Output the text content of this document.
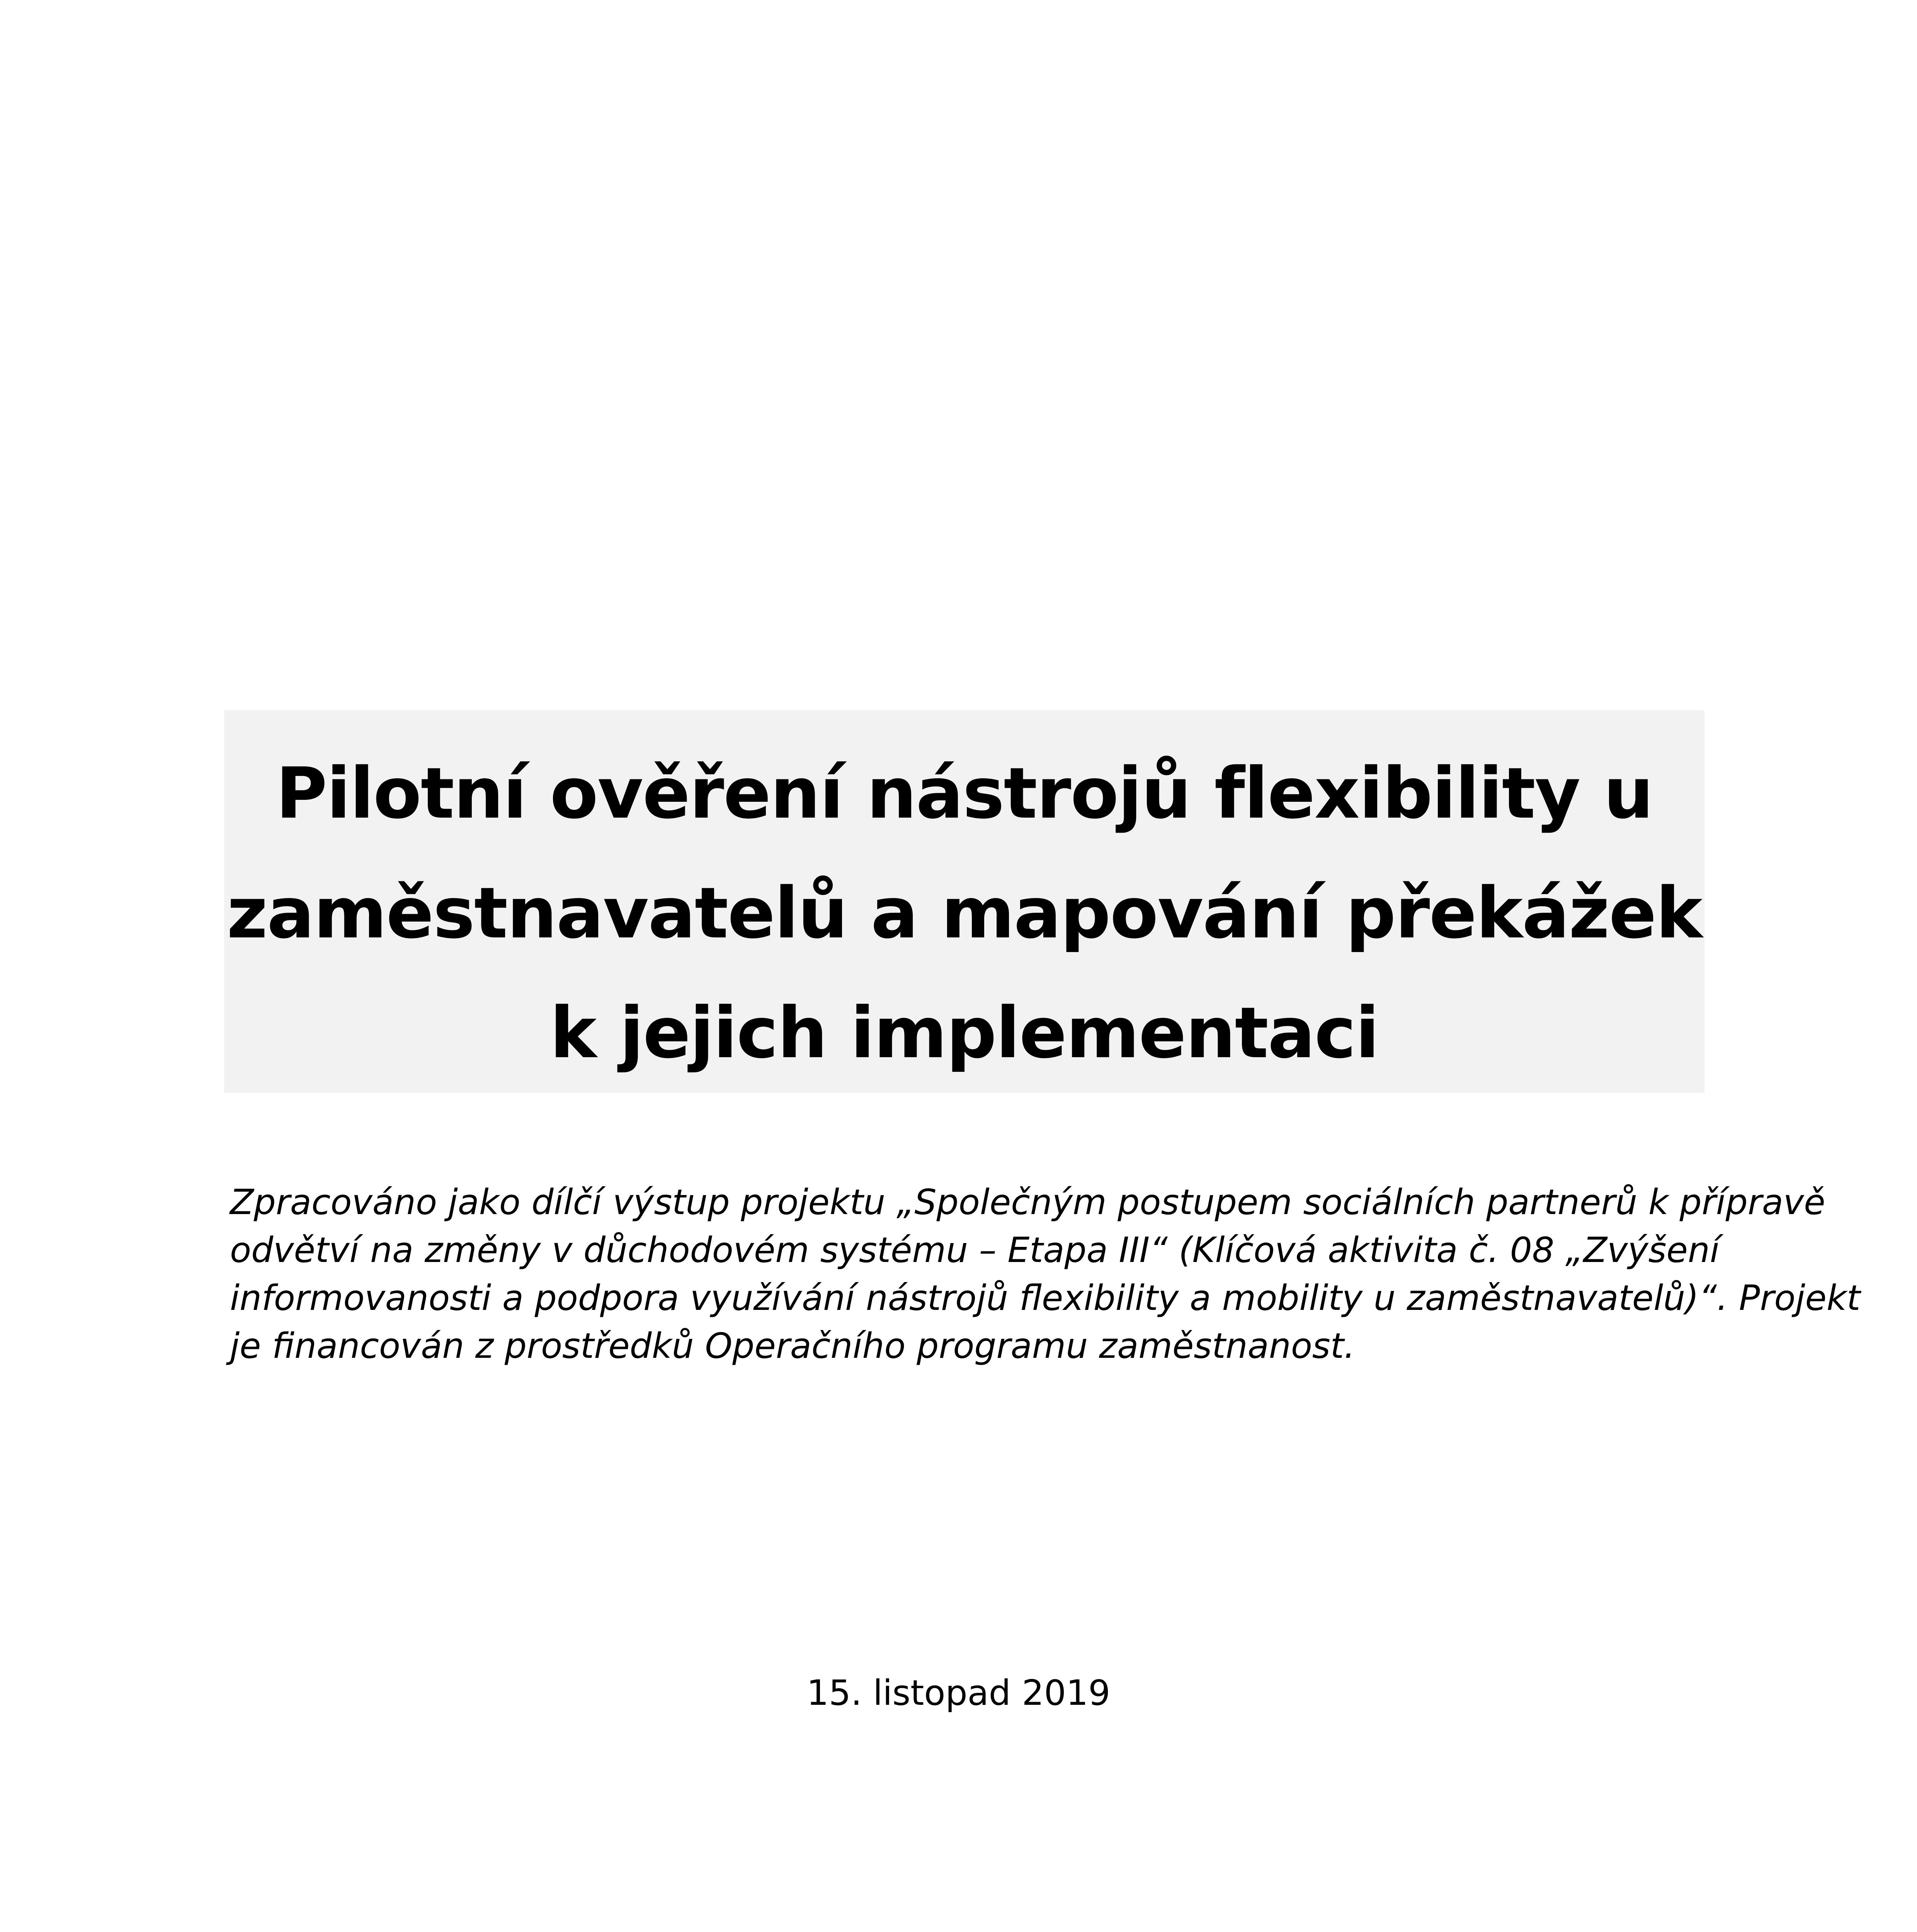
Pilotní ověření nástrojů flexibility u
zaměstnavatelů a mapování překážek
k jejich implementaci
Zpracováno jako dílčí výstup projektu „Společným postupem sociálních partnerů k přípravě
odvětví na změny v důchodovém systému – Etapa III“ (Klíčová aktivita č. 08 „Zvýšení
informovanosti a podpora využívání nástrojů flexibility a mobility u zaměstnavatelů)“. Projekt
je financován z prostředků Operačního programu zaměstnanost.
15. listopad 2019
